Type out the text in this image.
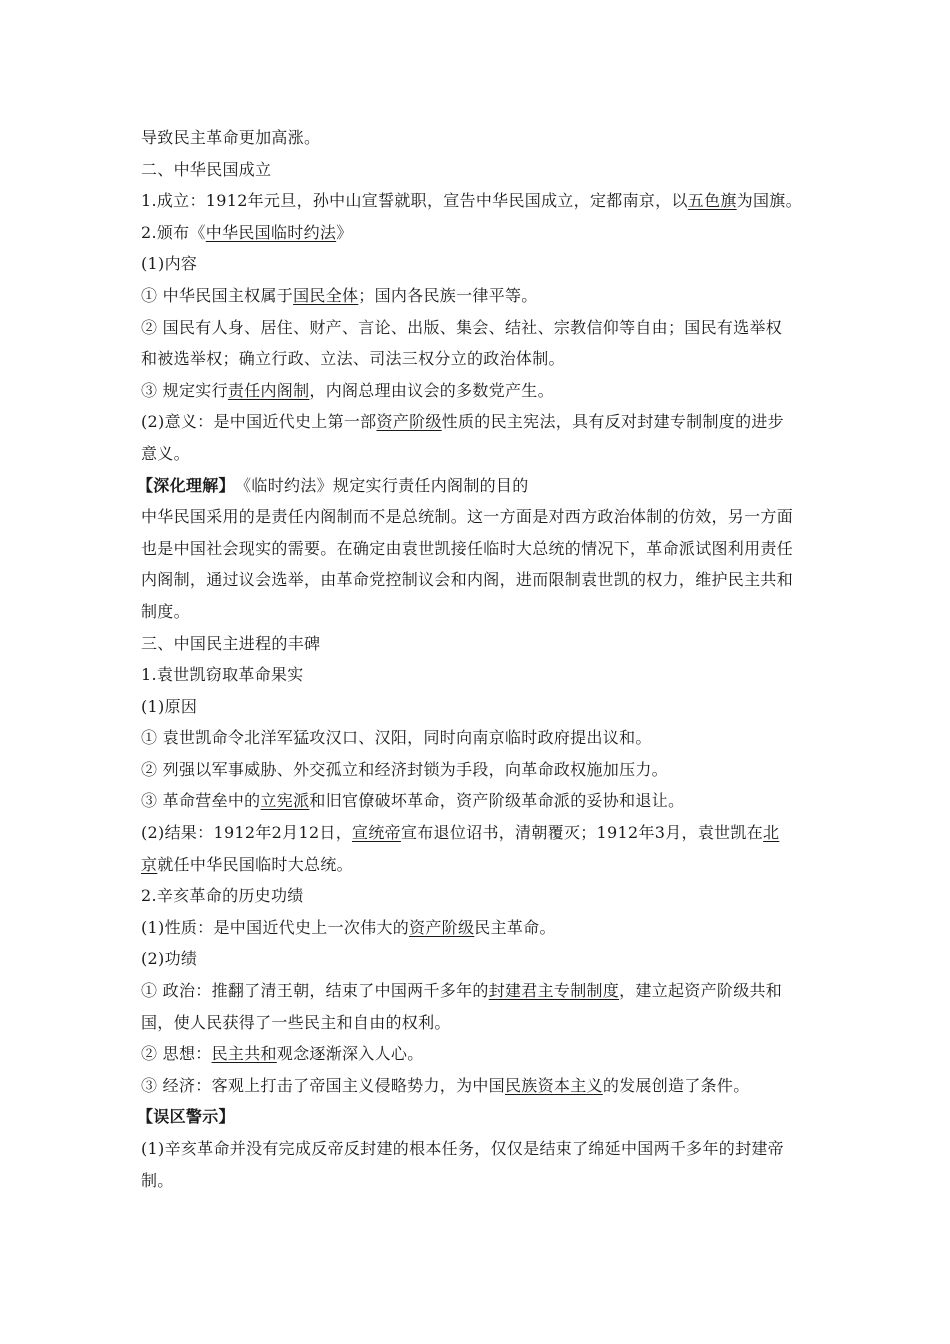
导致民主革命更加高涨。
二、中华民国成立
1.成立：1912年元旦，孙中山宣誓就职，宣告中华民国成立，定都南京，以五色旗为国旗。
2.颁布《中华民国临时约法》
(1)内容
① 中华民国主权属于国民全体；国内各民族一律平等。
② 国民有人身、居住、财产、言论、出版、集会、结社、宗教信仰等自由；国民有选举权
和被选举权；确立行政、立法、司法三权分立的政治体制。
③ 规定实行责任内阁制，内阁总理由议会的多数党产生。
(2)意义：是中国近代史上第一部资产阶级性质的民主宪法，具有反对封建专制制度的进步
意义。
【深化理解】　《临时约法》规定实行责任内阁制的目的
中华民国采用的是责任内阁制而不是总统制。这一方面是对西方政治体制的仿效，另一方面
也是中国社会现实的需要。在确定由袁世凯接任临时大总统的情况下，革命派试图利用责任
内阁制，通过议会选举，由革命党控制议会和内阁，进而限制袁世凯的权力，维护民主共和
制度。
三、中国民主进程的丰碑
1.袁世凯窃取革命果实
(1)原因
① 袁世凯命令北洋军猛攻汉口、汉阳，同时向南京临时政府提出议和。
② 列强以军事威胁、外交孤立和经济封锁为手段，向革命政权施加压力。
③ 革命营垒中的立宪派和旧官僚破坏革命，资产阶级革命派的妥协和退让。
(2)结果：1912年2月12日，宣统帝宣布退位诏书，清朝覆灭；1912年3月，袁世凯在北
京就任中华民国临时大总统。
2.辛亥革命的历史功绩
(1)性质：是中国近代史上一次伟大的资产阶级民主革命。
(2)功绩
① 政治：推翻了清王朝，结束了中国两千多年的封建君主专制制度，建立起资产阶级共和
国，使人民获得了一些民主和自由的权利。
② 思想：民主共和观念逐渐深入人心。
③ 经济：客观上打击了帝国主义侵略势力，为中国民族资本主义的发展创造了条件。
【误区警示】
(1)辛亥革命并没有完成反帝反封建的根本任务，仅仅是结束了绵延中国两千多年的封建帝
制。
